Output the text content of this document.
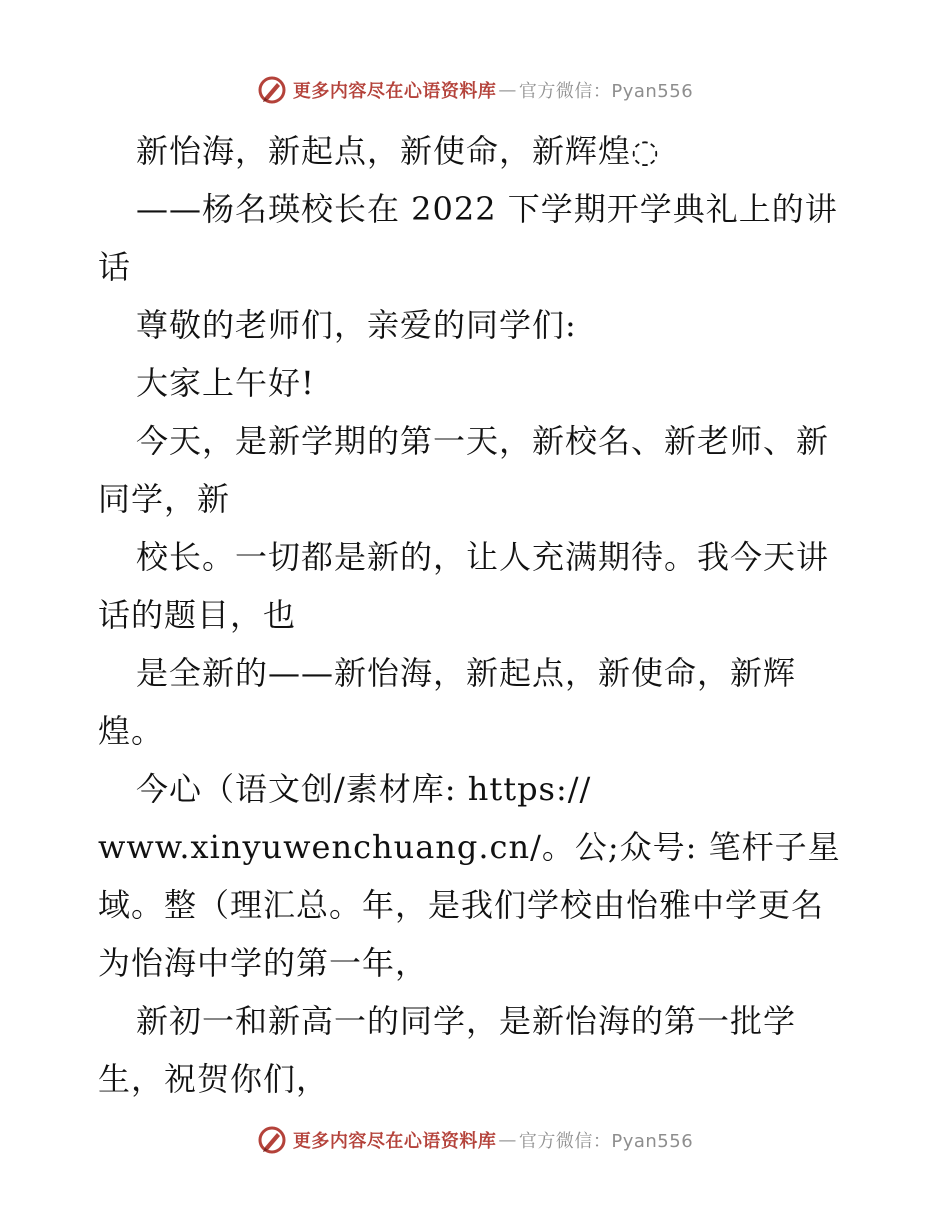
更多内容尽在心语资料库 — 官方微信：Pyan556
新怡海，新起点，新使命，新辉煌◌
——杨名瑛校长在 2022 下学期开学典礼上的讲
话
尊敬的老师们，亲爱的同学们:
大家上午好!
今天，是新学期的第一天，新校名、新老师、新
同学，新
校长。一切都是新的，让人充满期待。我今天讲
话的题目，也
是全新的——新怡海，新起点，新使命，新辉
煌。
今心（语文创/素材库: https://
www.xinyuwenchuang.cn/。公;众号: 笔杆子星
域。整（理汇总。年，是我们学校由怡雅中学更名
为怡海中学的第一年，
新初一和新高一的同学，是新怡海的第一批学
生，祝贺你们，
更多内容尽在心语资料库 — 官方微信：Pyan556
